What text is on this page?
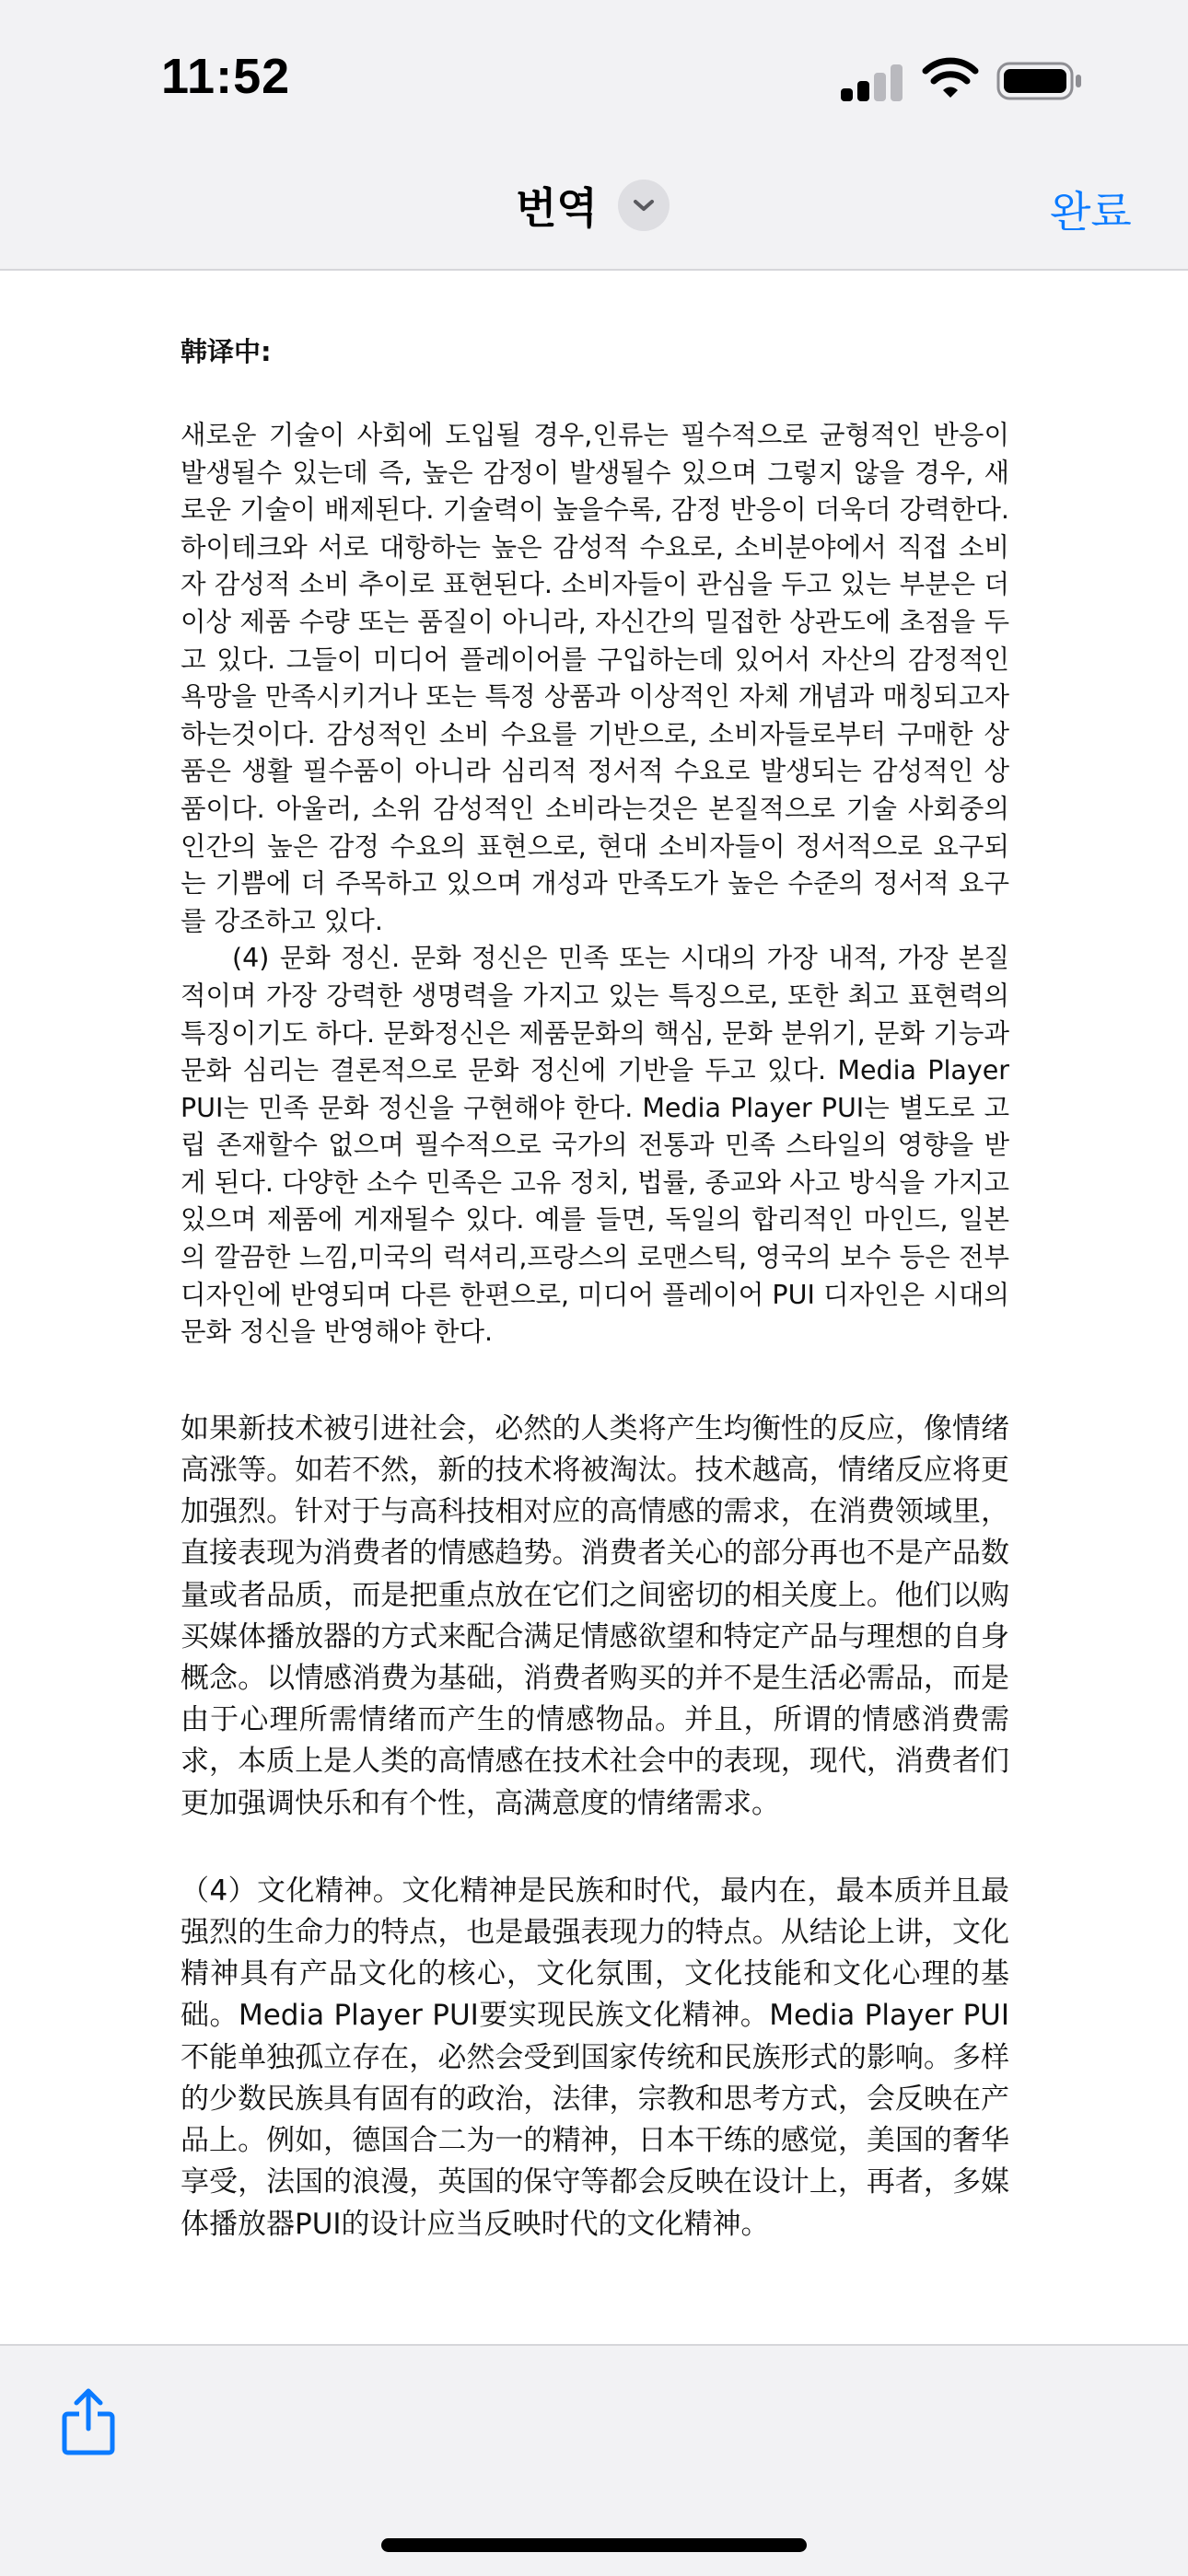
11:52
번역	완료

韩译中:

새로운 기술이 사회에 도입될 경우,인류는 필수적으로 균형적인 반응이 발생될수 있는데 즉, 높은 감정이 발생될수 있으며 그렇지 않을 경우, 새로운 기술이 배제된다. 기술력이 높을수록, 감정 반응이 더욱더 강력한다.하이테크와 서로 대항하는 높은 감성적 수요로, 소비분야에서 직접 소비자 감성적 소비 추이로 표현된다. 소비자들이 관심을 두고 있는 부분은 더 이상 제품 수량 또는 품질이 아니라, 자신간의 밀접한 상관도에 초점을 두고 있다. 그들이 미디어 플레이어를 구입하는데 있어서 자산의 감정적인 욕망을 만족시키거나 또는 특정 상품과 이상적인 자체 개념과 매칭되고자 하는것이다. 감성적인 소비 수요를 기반으로, 소비자들로부터 구매한 상품은 생활 필수품이 아니라 심리적 정서적 수요로 발생되는 감성적인 상품이다. 아울러, 소위 감성적인 소비라는것은 본질적으로 기술 사회중의 인간의 높은 감정 수요의 표현으로, 현대 소비자들이 정서적으로 요구되는 기쁨에 더 주목하고 있으며 개성과 만족도가 높은 수준의 정서적 요구를 강조하고 있다.

(4) 문화 정신. 문화 정신은 민족 또는 시대의 가장 내적, 가장 본질적이며 가장 강력한 생명력을 가지고 있는 특징으로, 또한 최고 표현력의 특징이기도 하다. 문화정신은 제품문화의 핵심, 문화 분위기, 문화 기능과 문화 심리는 결론적으로 문화 정신에 기반을 두고 있다. Media Player PUI는 민족 문화 정신을 구현해야 한다. Media Player PUI는 별도로 고립 존재할수 없으며 필수적으로 국가의 전통과 민족 스타일의 영향을 받게 된다. 다양한 소수 민족은 고유 정치, 법률, 종교와 사고 방식을 가지고 있으며 제품에 게재될수 있다. 예를 들면, 독일의 합리적인 마인드, 일본의 깔끔한 느낌,미국의 럭셔리,프랑스의 로맨스틱, 영국의 보수 등은 전부 디자인에 반영되며 다른 한편으로, 미디어 플레이어 PUI 디자인은 시대의 문화 정신을 반영해야 한다.

如果新技术被引进社会，必然的人类将产生均衡性的反应，像情绪高涨等。如若不然，新的技术将被淘汰。技术越高，情绪反应将更加强烈。针对于与高科技相对应的高情感的需求，在消费领域里，直接表现为消费者的情感趋势。消费者关心的部分再也不是产品数量或者品质，而是把重点放在它们之间密切的相关度上。他们以购买媒体播放器的方式来配合满足情感欲望和特定产品与理想的自身概念。以情感消费为基础，消费者购买的并不是生活必需品，而是由于心理所需情绪而产生的情感物品。并且，所谓的情感消费需求，本质上是人类的高情感在技术社会中的表现，现代，消费者们更加强调快乐和有个性，高满意度的情绪需求。

（4）文化精神。文化精神是民族和时代，最内在，最本质并且最强烈的生命力的特点，也是最强表现力的特点。从结论上讲，文化精神具有产品文化的核心，文化氛围，文化技能和文化心理的基础。Media Player PUI要实现民族文化精神。Media Player PUI不能单独孤立存在，必然会受到国家传统和民族形式的影响。多样的少数民族具有固有的政治，法律，宗教和思考方式，会反映在产品上。例如，德国合二为一的精神，日本干练的感觉，美国的奢华享受，法国的浪漫，英国的保守等都会反映在设计上，再者，多媒体播放器PUI的设计应当反映时代的文化精神。
